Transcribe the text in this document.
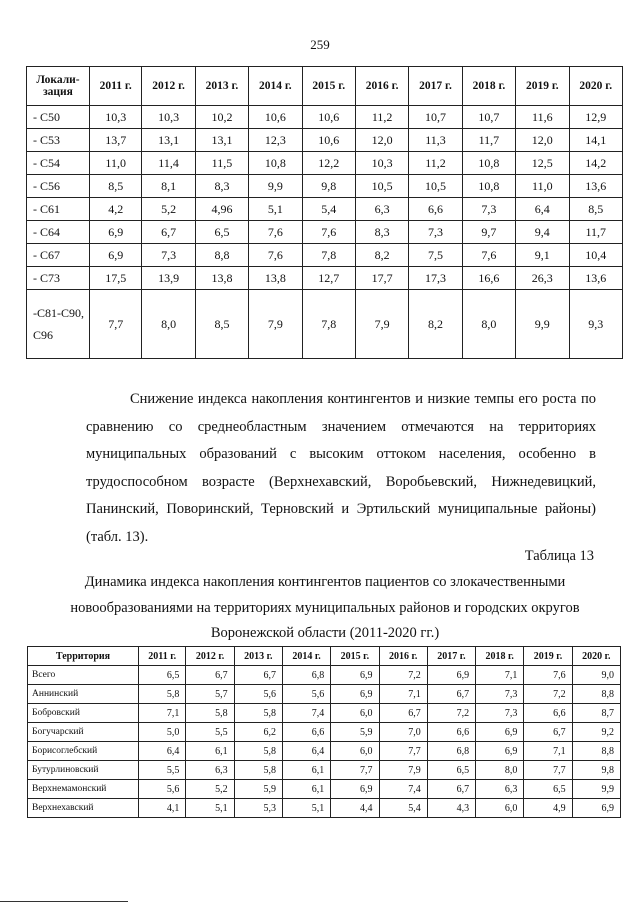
259
Локали-зация	2011 г.	2012 г.	2013 г.	2014 г.	2015 г.	2016 г.	2017 г.	2018 г.	2019 г.	2020 г.
- С50	10,3	10,3	10,2	10,6	10,6	11,2	10,7	10,7	11,6	12,9
- С53	13,7	13,1	13,1	12,3	10,6	12,0	11,3	11,7	12,0	14,1
- С54	11,0	11,4	11,5	10,8	12,2	10,3	11,2	10,8	12,5	14,2
- С56	8,5	8,1	8,3	9,9	9,8	10,5	10,5	10,8	11,0	13,6
- С61	4,2	5,2	4,96	5,1	5,4	6,3	6,6	7,3	6,4	8,5
- С64	6,9	6,7	6,5	7,6	7,6	8,3	7,3	9,7	9,4	11,7
- С67	6,9	7,3	8,8	7,6	7,8	8,2	7,5	7,6	9,1	10,4
- С73	17,5	13,9	13,8	13,8	12,7	17,7	17,3	16,6	26,3	13,6
-С81-С90, С96	7,7	8,0	8,5	7,9	7,8	7,9	8,2	8,0	9,9	9,3
Снижение индекса накопления контингентов и низкие темпы его роста по сравнению со среднеобластным значением отмечаются на территориях муниципальных образований с высоким оттоком населения, особенно в трудоспособном возрасте (Верхнехавский, Воробьевский, Нижнедевицкий, Панинский, Поворинский, Терновский и Эртильский муниципальные районы) (табл. 13).
Таблица 13
Динамика индекса накопления контингентов пациентов со злокачественными новообразованиями на территориях муниципальных районов и городских округов Воронежской области (2011-2020 гг.)
Территория	2011 г.	2012 г.	2013 г.	2014 г.	2015 г.	2016 г.	2017 г.	2018 г.	2019 г.	2020 г.
Всего	6,5	6,7	6,7	6,8	6,9	7,2	6,9	7,1	7,6	9,0
Аннинский	5,8	5,7	5,6	5,6	6,9	7,1	6,7	7,3	7,2	8,8
Бобровский	7,1	5,8	5,8	7,4	6,0	6,7	7,2	7,3	6,6	8,7
Богучарский	5,0	5,5	6,2	6,6	5,9	7,0	6,6	6,9	6,7	9,2
Борисоглебский	6,4	6,1	5,8	6,4	6,0	7,7	6,8	6,9	7,1	8,8
Бутурлиновский	5,5	6,3	5,8	6,1	7,7	7,9	6,5	8,0	7,7	9,8
Верхнемамонский	5,6	5,2	5,9	6,1	6,9	7,4	6,7	6,3	6,5	9,9
Верхнехавский	4,1	5,1	5,3	5,1	4,4	5,4	4,3	6,0	4,9	6,9
